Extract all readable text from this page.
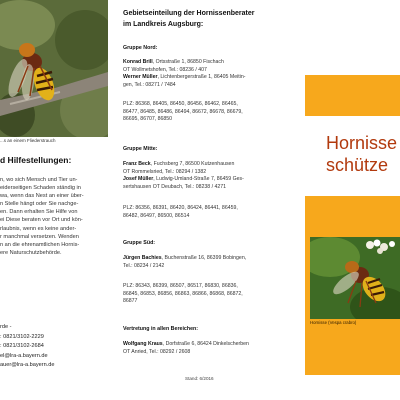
...s an einem Fliederstrauch
d Hilfestellungen:
n, wo sich Mensch und Tier un-
eiderseitigen Schaden ständig in
wa, wenn das Nest an einer über-
n Stelle hängt oder Sie nachge-
en. Dann erhalten Sie Hilfe von
ei Diese beraten vor Ort und kön-
rlaubnis, wenn es keine ander-
r manchmal versetzen. Wenden
n an die ehrenamtlichen Hornis-
ere Naturschutzbehörde.
rde -
: 0821/3102-2229
: 0821/3102-2684
el@lra-a.bayern.de
auer@lra-a.bayern.de
Gebietseinteilung der Hornissenberater
im Landkreis Augsburg:
Gruppe Nord:
Konrad Brill, Ortsstraße 1, 86850 Fischach
OT Wollmetshofen, Tel.: 08236 / 407
Werner Müller, Lichtenbergerstraße 1, 86405 Meitin-
gen, Tel.: 08271 / 7484
PLZ: 86368, 86405, 86450, 86456, 86462, 86465,
86477, 86485, 86486, 86494, 86672, 86678, 86679,
86695, 86707, 86850
Gruppe Mitte:
Franz Beck, Fuchsberg 7, 86500 Kutzenhausen
OT Rommelsried, Tel.: 08294 / 1382
Josef Müller, Ludwig-Umland-Straße 7, 86459 Ges-
sertshausen OT Deubach, Tel.: 08238 / 4271
PLZ: 86356, 86391, 86420, 86424, 86441, 86459,
86482, 86497, 86500, 86514
Gruppe Süd:
Jürgen Bachies, Buchenstraße 16, 86399 Bobingen,
Tel.: 08234 / 2142
PLZ: 86343, 86399, 86507, 86517, 86830, 86836,
86845, 86853, 86856, 86863, 86866, 86868, 86872,
86877
Vertretung in allen Bereichen:
Wolfgang Kraus, Dorfstraße 6, 86424 Dinkelscherben
OT Anried, Tel.: 08292 / 2608
Stand: 6/2016
Hornisse
schütze
Hornisse (Vespa crabro)
